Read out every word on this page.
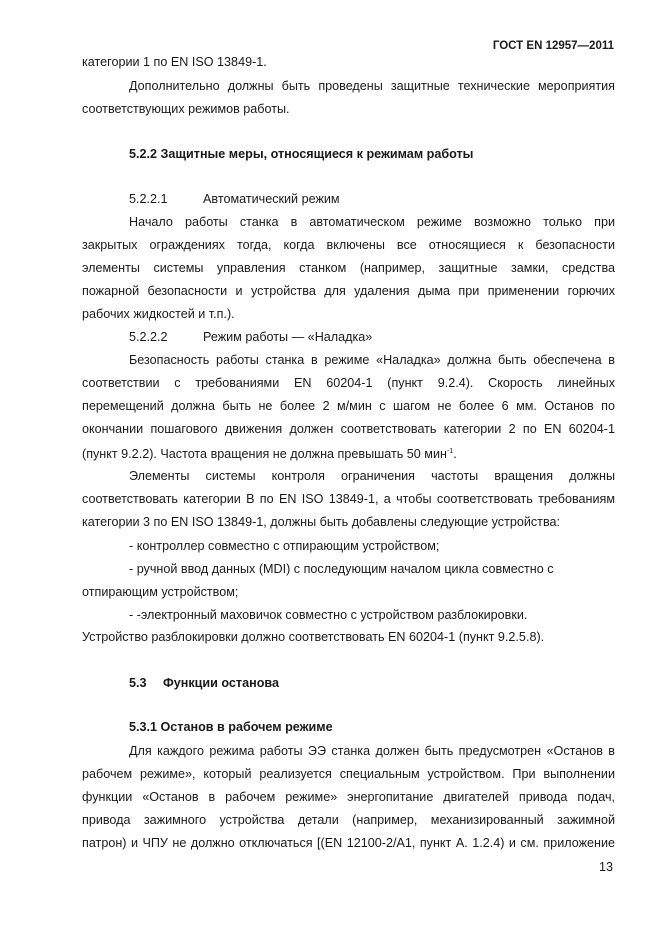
ГОСТ EN 12957—2011
категории 1 по EN ISO 13849-1.
Дополнительно должны быть проведены защитные технические мероприятия
соответствующих режимов работы.
5.2.2 Защитные меры, относящиеся к режимам работы
5.2.2.1	Автоматический режим
Начало работы станка в автоматическом режиме возможно только при
закрытых ограждениях тогда, когда включены все относящиеся к безопасности
элементы системы управления станком (например, защитные замки, средства
пожарной безопасности и устройства для удаления дыма при применении горючих
рабочих жидкостей и т.п.).
5.2.2.2	Режим работы — «Наладка»
Безопасность работы станка в режиме «Наладка» должна быть обеспечена в
соответствии с требованиями EN 60204-1 (пункт 9.2.4). Скорость линейных
перемещений должна быть не более 2 м/мин с шагом не более 6 мм. Останов по
окончании пошагового движения должен соответствовать категории 2 по EN 60204-1
(пункт 9.2.2). Частота вращения не должна превышать 50 мин$^{-1}$.
Элементы системы контроля ограничения частоты вращения должны
соответствовать категории B по EN ISO 13849-1, а чтобы соответствовать требованиям
категории 3 по EN ISO 13849-1, должны быть добавлены следующие устройства:
- контроллер совместно с отпирающим устройством;
- ручной ввод данных (MDI) с последующим началом цикла совместно с
отпирающим устройством;
- -электронный маховичок совместно с устройством разблокировки.
Устройство разблокировки должно соответствовать EN 60204-1 (пункт 9.2.5.8).
5.3 Функции останова
5.3.1 Останов в рабочем режиме
Для каждого режима работы ЭЭ станка должен быть предусмотрен «Останов в
рабочем режиме», который реализуется специальным устройством. При выполнении
функции «Останов в рабочем режиме» энергопитание двигателей привода подач,
привода зажимного устройства детали (например, механизированный зажимной
патрон) и ЧПУ не должно отключаться [(EN 12100-2/A1, пункт А. 1.2.4) и см. приложение
13
